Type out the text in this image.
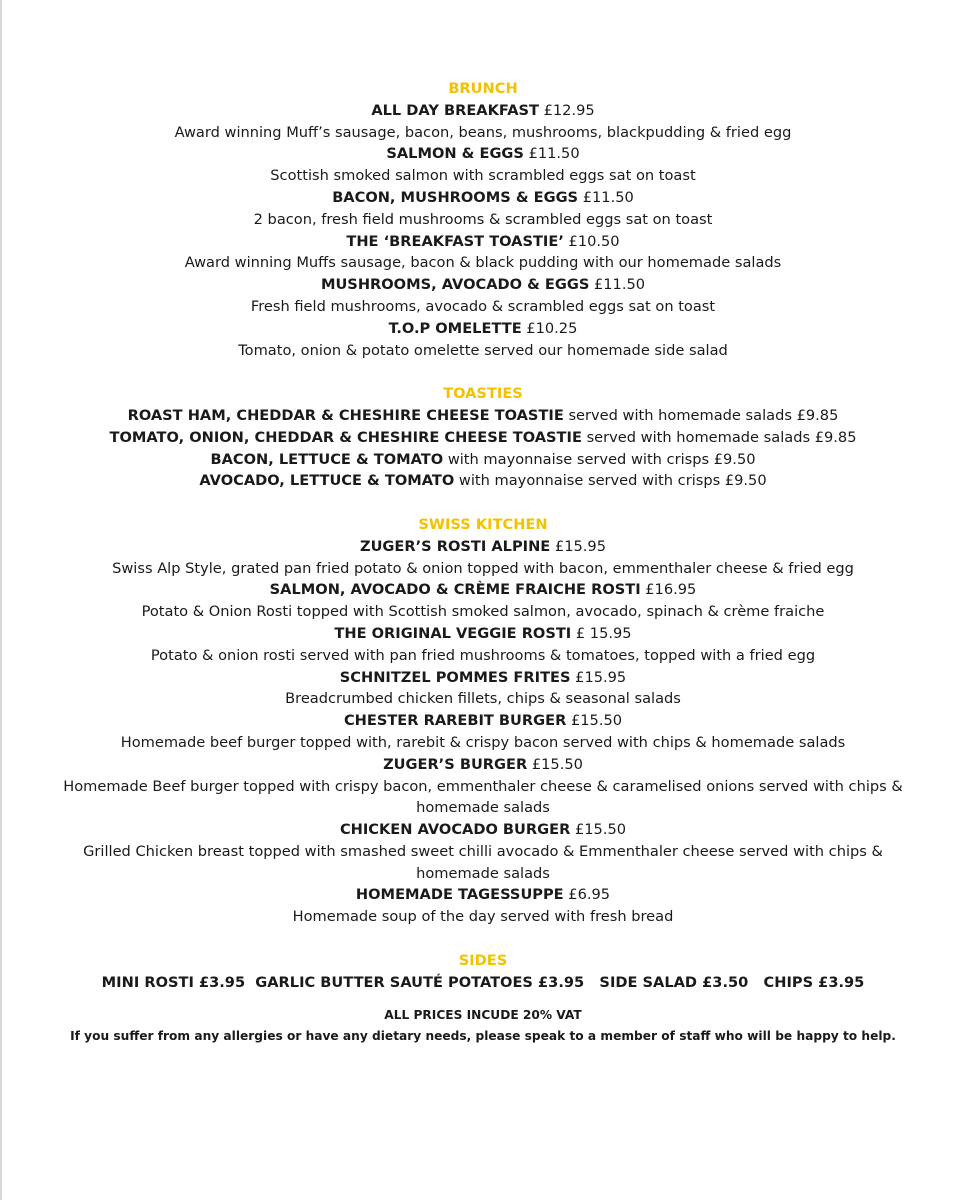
BRUNCH

ALL DAY BREAKFAST £12.95

Award winning Muff’s sausage, bacon, beans, mushrooms, blackpudding & fried egg

SALMON & EGGS £11.50

Scottish smoked salmon with scrambled eggs sat on toast

BACON, MUSHROOMS & EGGS £11.50

2 bacon, fresh field mushrooms & scrambled eggs sat on toast

THE ‘BREAKFAST TOASTIE’ £10.50

Award winning Muffs sausage, bacon & black pudding with our homemade salads

MUSHROOMS, AVOCADO & EGGS £11.50

Fresh field mushrooms, avocado & scrambled eggs sat on toast

T.O.P OMELETTE £10.25

Tomato, onion & potato omelette served our homemade side salad

TOASTIES

ROAST HAM, CHEDDAR & CHESHIRE CHEESE TOASTIE served with homemade salads £9.85

TOMATO, ONION, CHEDDAR & CHESHIRE CHEESE TOASTIE served with homemade salads £9.85

BACON, LETTUCE & TOMATO with mayonnaise served with crisps £9.50

AVOCADO, LETTUCE & TOMATO with mayonnaise served with crisps £9.50

SWISS KITCHEN

ZUGER’S ROSTI ALPINE £15.95

Swiss Alp Style, grated pan fried potato & onion topped with bacon, emmenthaler cheese & fried egg

SALMON, AVOCADO & CRÈME FRAICHE ROSTI £16.95

Potato & Onion Rosti topped with Scottish smoked salmon, avocado, spinach & crème fraiche

THE ORIGINAL VEGGIE ROSTI £ 15.95

Potato & onion rosti served with pan fried mushrooms & tomatoes, topped with a fried egg

SCHNITZEL POMMES FRITES £15.95

Breadcrumbed chicken fillets, chips & seasonal salads

CHESTER RAREBIT BURGER £15.50

Homemade beef burger topped with, rarebit & crispy bacon served with chips & homemade salads

ZUGER’S BURGER £15.50

Homemade Beef burger topped with crispy bacon, emmenthaler cheese & caramelised onions served with chips & homemade salads

CHICKEN AVOCADO BURGER £15.50

Grilled Chicken breast topped with smashed sweet chilli avocado & Emmenthaler cheese served with chips & homemade salads

HOMEMADE TAGESSUPPE £6.95

Homemade soup of the day served with fresh bread

SIDES

MINI ROSTI £3.95  GARLIC BUTTER SAUTÉ POTATOES £3.95   SIDE SALAD £3.50   CHIPS £3.95

ALL PRICES INCUDE 20% VAT

If you suffer from any allergies or have any dietary needs, please speak to a member of staff who will be happy to help.
